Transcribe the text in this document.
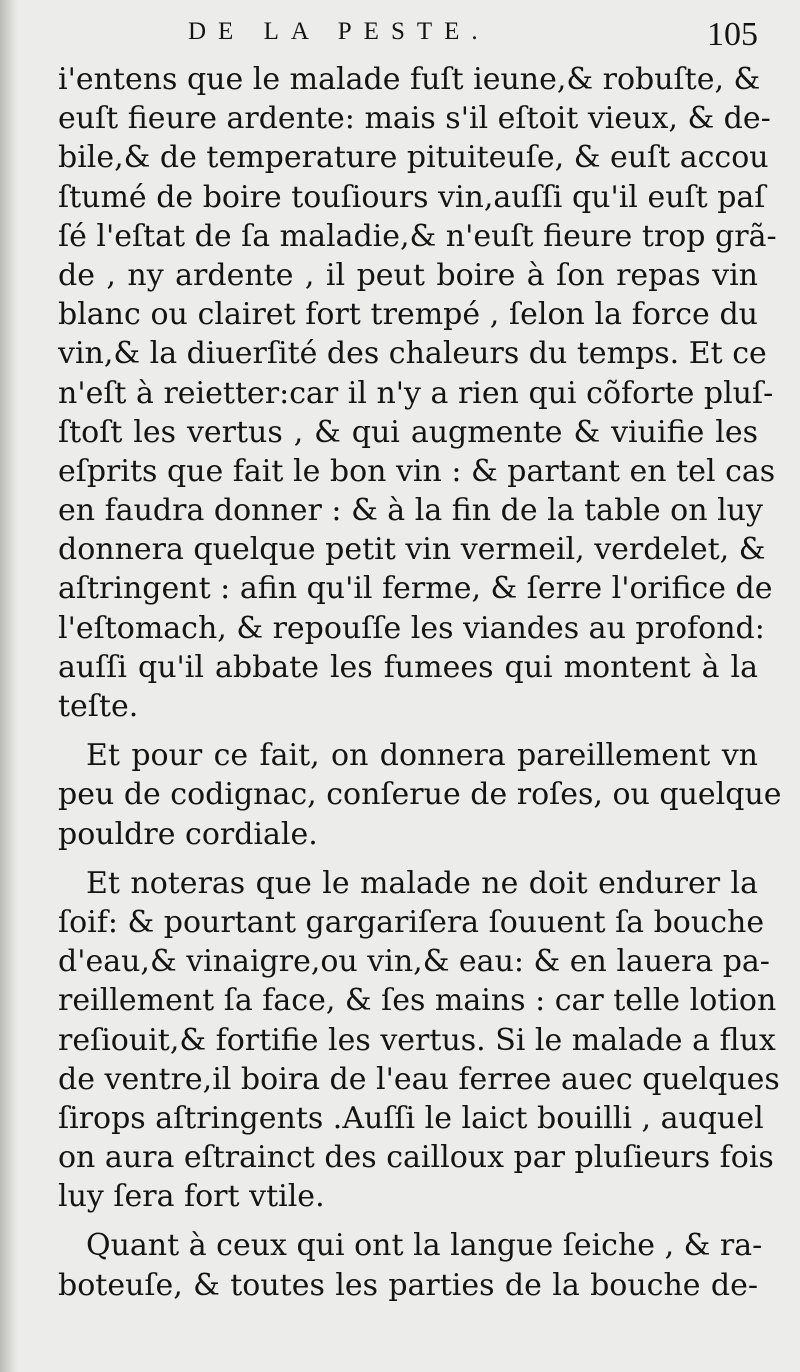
DE LA PESTE.	105
i'entens que le malade fuſt ieune,& robuſte, &
euſt fieure ardente: mais s'il eſtoit vieux, & de-
bile,& de temperature pituiteuſe, & euſt accou
ſtumé de boire touſiours vin,auſſi qu'il euſt paſ
ſé l'eſtat de ſa maladie,& n'euſt fieure trop grã-
de , ny ardente , il peut boire à ſon repas vin
blanc ou clairet fort trempé , ſelon la force du
vin,& la diuerſité des chaleurs du temps. Et ce
n'eſt à reietter:car il n'y a rien qui cõforte pluſ-
ſtoſt les vertus , & qui augmente & viuifie les
eſprits que fait le bon vin : & partant en tel cas
en faudra donner : & à la fin de la table on luy
donnera quelque petit vin vermeil, verdelet, &
aſtringent : afin qu'il ferme, & ſerre l'orifice de
l'eſtomach, & repouſſe les viandes au profond:
auſſi qu'il abbate les fumees qui montent à la
teſte.
Et pour ce fait, on donnera pareillement vn
peu de codignac, conſerue de roſes, ou quelque
pouldre cordiale.
Et noteras que le malade ne doit endurer la
ſoif: & pourtant gargariſera ſouuent ſa bouche
d'eau,& vinaigre,ou vin,& eau: & en lauera pa-
reillement ſa face, & ſes mains : car telle lotion
reſiouit,& fortifie les vertus. Si le malade a flux
de ventre,il boira de l'eau ferree auec quelques
ſirops aſtringents .Auſſi le laict bouilli , auquel
on aura eſtrainct des cailloux par pluſieurs fois
luy ſera fort vtile.
Quant à ceux qui ont la langue ſeiche , & ra-
boteuſe, & toutes les parties de la bouche de-
